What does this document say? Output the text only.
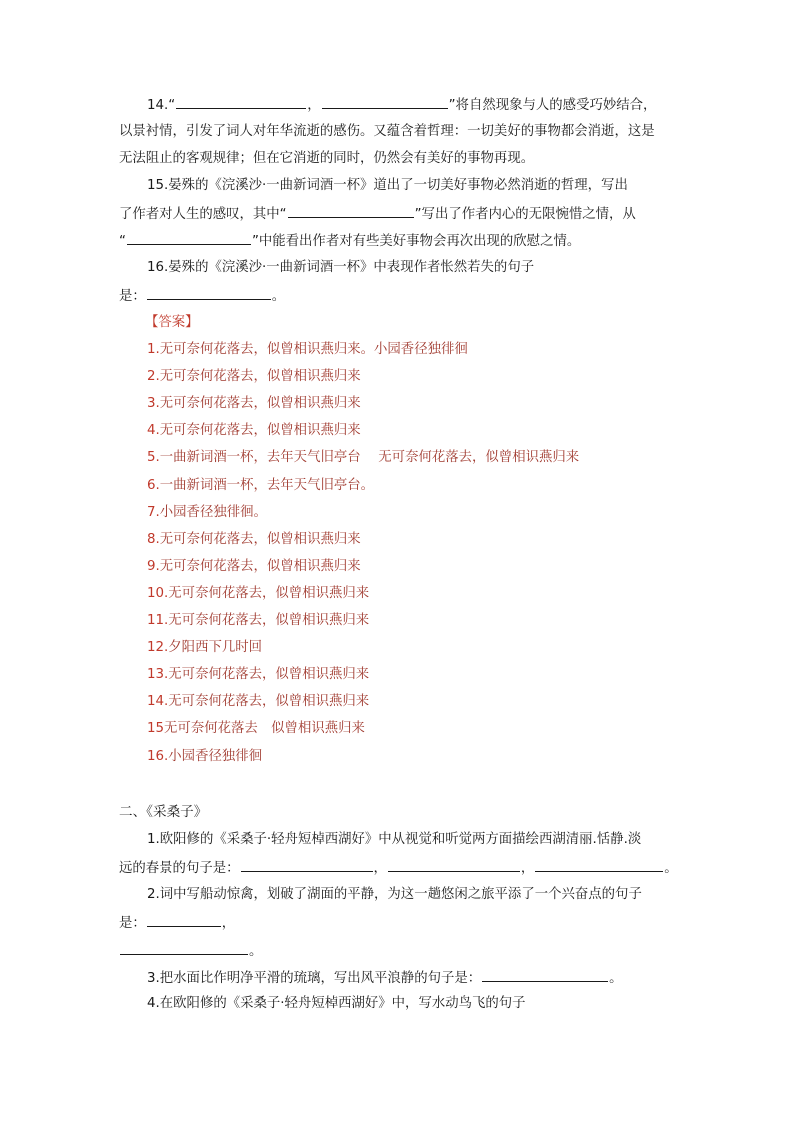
14.“	，	”将自然现象与人的感受巧妙结合，
以景衬情，引发了词人对年华流逝的感伤。又蕴含着哲理：一切美好的事物都会消逝，这是
无法阻止的客观规律；但在它消逝的同时，仍然会有美好的事物再现。
15.晏殊的《浣溪沙·一曲新词酒一杯》道出了一切美好事物必然消逝的哲理，写出
了作者对人生的感叹，其中“	”写出了作者内心的无限惋惜之情，从
“	”中能看出作者对有些美好事物会再次出现的欣慰之情。
16.晏殊的《浣溪沙·一曲新词酒一杯》中表现作者怅然若失的句子
是：	。
【答案】
1.无可奈何花落去，似曾相识燕归来。小园香径独徘徊
2.无可奈何花落去，似曾相识燕归来
3.无可奈何花落去，似曾相识燕归来
4.无可奈何花落去，似曾相识燕归来
5.一曲新词酒一杯，去年天气旧亭台　 无可奈何花落去，似曾相识燕归来
6.一曲新词酒一杯，去年天气旧亭台。
7.小园香径独徘徊。
8.无可奈何花落去，似曾相识燕归来
9.无可奈何花落去，似曾相识燕归来
10.无可奈何花落去，似曾相识燕归来
11.无可奈何花落去，似曾相识燕归来
12.夕阳西下几时回
13.无可奈何花落去，似曾相识燕归来
14.无可奈何花落去，似曾相识燕归来
15无可奈何花落去　似曾相识燕归来
16.小园香径独徘徊
二、《采桑子》
1.欧阳修的《采桑子·轻舟短棹西湖好》中从视觉和听觉两方面描绘西湖清丽.恬静.淡
远的春景的句子是：	，	，	。
2.词中写船动惊禽，划破了湖面的平静，为这一趟悠闲之旅平添了一个兴奋点的句子
是：	，
。
3.把水面比作明净平滑的琉璃，写出风平浪静的句子是：	。
4.在欧阳修的《采桑子·轻舟短棹西湖好》中，写水动鸟飞的句子
